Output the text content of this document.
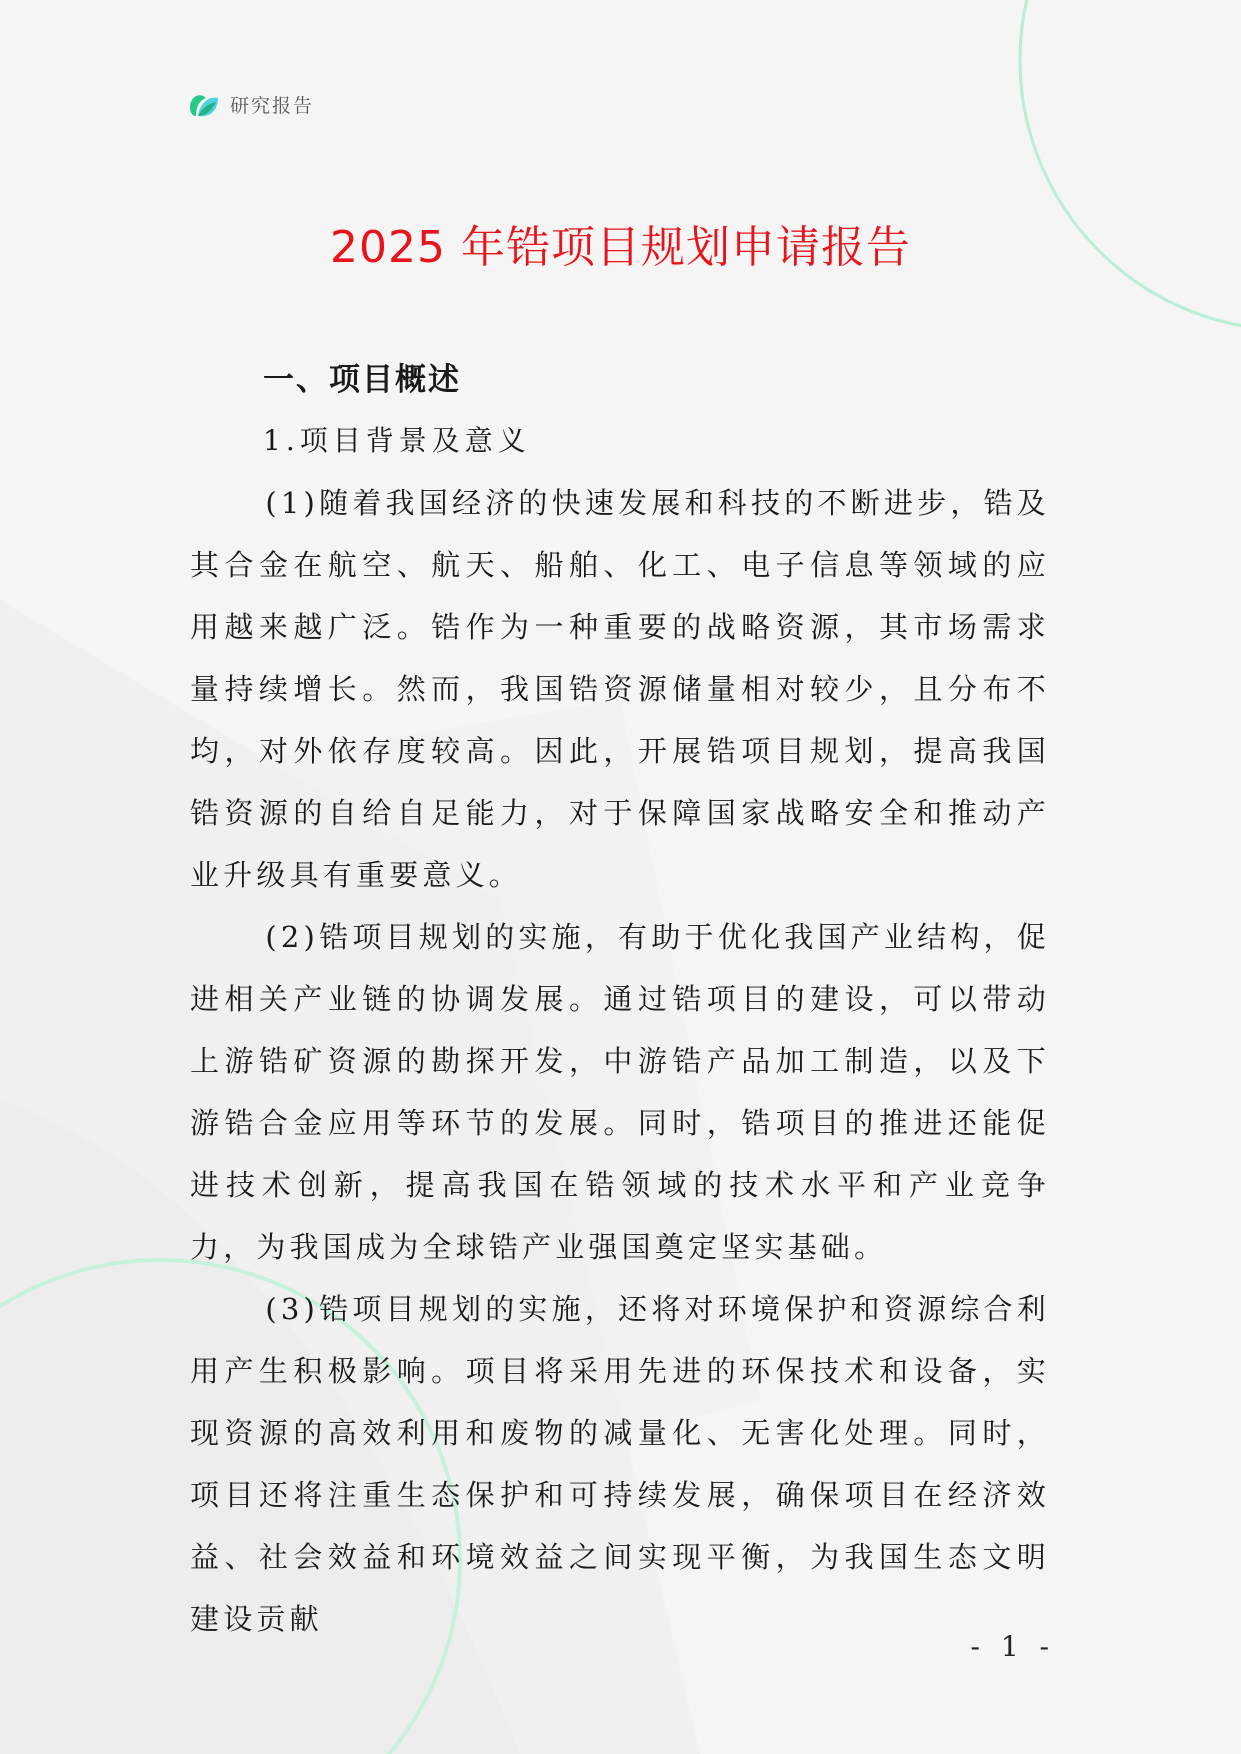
研究报告
2025 年锆项目规划申请报告
一、项目概述
1.项目背景及意义

(1)随着我国经济的快速发展和科技的不断进步，锆及其合金在航空、航天、船舶、化工、电子信息等领域的应用越来越广泛。锆作为一种重要的战略资源，其市场需求量持续增长。然而，我国锆资源储量相对较少，且分布不均，对外依存度较高。因此，开展锆项目规划，提高我国锆资源的自给自足能力，对于保障国家战略安全和推动产业升级具有重要意义。

(2)锆项目规划的实施，有助于优化我国产业结构，促进相关产业链的协调发展。通过锆项目的建设，可以带动上游锆矿资源的勘探开发，中游锆产品加工制造，以及下游锆合金应用等环节的发展。同时，锆项目的推进还能促进技术创新，提高我国在锆领域的技术水平和产业竞争力，为我国成为全球锆产业强国奠定坚实基础。

(3)锆项目规划的实施，还将对环境保护和资源综合利用产生积极影响。项目将采用先进的环保技术和设备，实现资源的高效利用和废物的减量化、无害化处理。同时，项目还将注重生态保护和可持续发展，确保项目在经济效益、社会效益和环境效益之间实现平衡，为我国生态文明建设贡献

- 1 -
